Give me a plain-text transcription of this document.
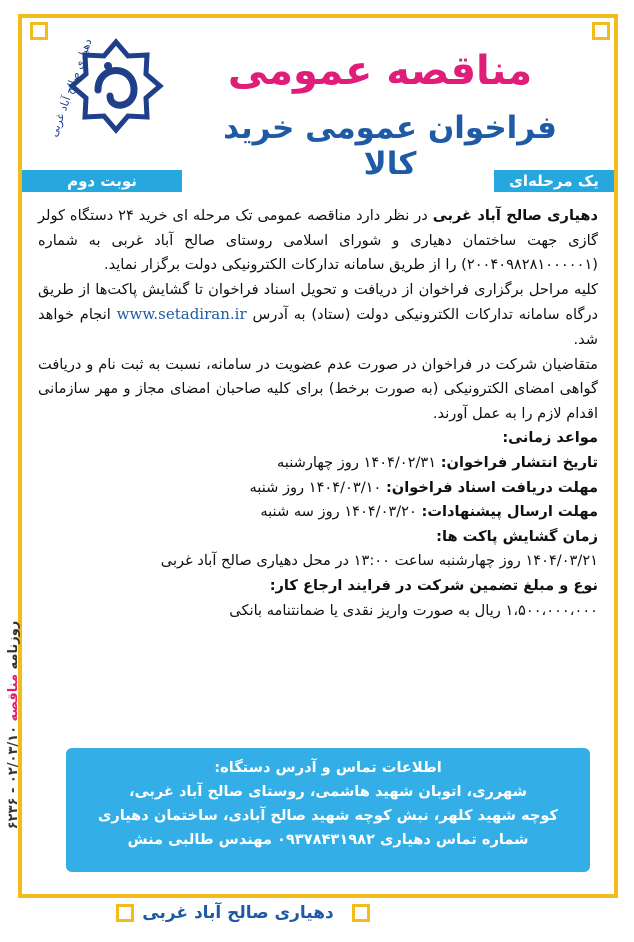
دهیاری صالح آباد غربی	مناقصه عمومی
فراخوان عمومی خرید کالا
نوبت دوم	یک مرحله‌ای

دهیاری صالح آباد غربی در نظر دارد مناقصه عمومی تک مرحله ای خرید ۲۴ دستگاه کولر گازی جهت ساختمان دهیاری و شورای اسلامی روستای صالح آباد غربی به شماره (۲۰۰۴۰۹۸۲۸۱۰۰۰۰۰۱) را از طریق سامانه تدارکات الکترونیکی دولت برگزار نماید.

کلیه مراحل برگزاری فراخوان از دریافت و تحویل اسناد فراخوان تا گشایش پاکت‌ها از طریق درگاه سامانه تدارکات الکترونیکی دولت (ستاد) به آدرس www.setadiran.ir انجام خواهد شد.

متقاضیان شرکت در فراخوان در صورت عدم عضویت در سامانه، نسبت به ثبت نام و دریافت گواهی امضای الکترونیکی (به صورت برخط) برای کلیه صاحبان امضای مجاز و مهر سازمانی اقدام لازم را به عمل آورند.

مواعد زمانی:

تاریخ انتشار فراخوان: ۱۴۰۴/۰۲/۳۱ روز چهارشنبه

مهلت دریافت اسناد فراخوان: ۱۴۰۴/۰۳/۱۰ روز شنبه

مهلت ارسال پیشنهادات: ۱۴۰۴/۰۳/۲۰ روز سه شنبه

زمان گشایش پاکت ها:

۱۴۰۴/۰۳/۲۱ روز چهارشنبه ساعت ۱۳:۰۰ در محل دهیاری صالح آباد غربی

نوع و مبلغ تضمین شرکت در فرایند ارجاع کار:

۱،۵۰۰،۰۰۰،۰۰۰ ریال به صورت واریز نقدی یا ضمانتنامه بانکی

اطلاعات تماس و آدرس دستگاه:
شهرری، اتوبان شهید هاشمی، روستای صالح آباد غربی،
کوچه شهید کلهر، نبش کوچه شهید صالح آبادی، ساختمان دهیاری
شماره تماس دهیاری ۰۹۳۷۸۴۳۱۹۸۲ مهندس طالبی منش
روزنامه مناقصه ۰۲/۰۳/۱۰ - ۶۲۳۶
دهیاری صالح آباد غربی
